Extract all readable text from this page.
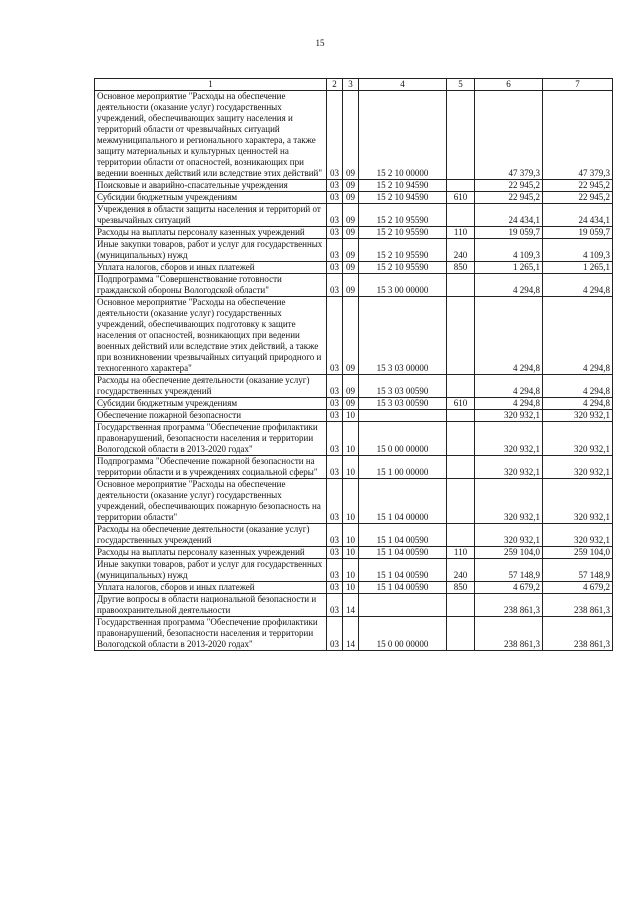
15
1	2	3	4	5	6	7
Основное мероприятие "Расходы на обеспечение деятельности (оказание услуг) государственных учреждений, обеспечивающих защиту населения и территорий области от чрезвычайных ситуаций межмуниципального и регионального характера, а также защиту материальных и культурных ценностей на территории области от опасностей, возникающих при ведении военных действий или вследствие этих действий"	03	09	15 2 10 00000		47 379,3	47 379,3
Поисковые и аварийно-спасательные учреждения	03	09	15 2 10 94590		22 945,2	22 945,2
Субсидии бюджетным учреждениям	03	09	15 2 10 94590	610	22 945,2	22 945,2
Учреждения в области защиты населения и территорий от чрезвычайных ситуаций	03	09	15 2 10 95590		24 434,1	24 434,1
Расходы на выплаты персоналу казенных учреждений	03	09	15 2 10 95590	110	19 059,7	19 059,7
Иные закупки товаров, работ и услуг для государственных (муниципальных) нужд	03	09	15 2 10 95590	240	4 109,3	4 109,3
Уплата налогов, сборов и иных платежей	03	09	15 2 10 95590	850	1 265,1	1 265,1
Подпрограмма "Совершенствование готовности гражданской обороны Вологодской области"	03	09	15 3 00 00000		4 294,8	4 294,8
Основное мероприятие "Расходы на обеспечение деятельности (оказание услуг) государственных учреждений, обеспечивающих подготовку к защите населения от опасностей, возникающих при ведении военных действий или вследствие этих действий, а также при возникновении чрезвычайных ситуаций природного и техногенного характера"	03	09	15 3 03 00000		4 294,8	4 294,8
Расходы на обеспечение деятельности (оказание услуг) государственных учреждений	03	09	15 3 03 00590		4 294,8	4 294,8
Субсидии бюджетным учреждениям	03	09	15 3 03 00590	610	4 294,8	4 294,8
Обеспечение пожарной безопасности	03	10			320 932,1	320 932,1
Государственная программа "Обеспечение профилактики правонарушений, безопасности населения и территории Вологодской области в 2013-2020 годах"	03	10	15 0 00 00000		320 932,1	320 932,1
Подпрограмма "Обеспечение пожарной безопасности на территории области и в учреждениях социальной сферы"	03	10	15 1 00 00000		320 932,1	320 932,1
Основное мероприятие "Расходы на обеспечение деятельности (оказание услуг) государственных учреждений, обеспечивающих пожарную безопасность на территории области"	03	10	15 1 04 00000		320 932,1	320 932,1
Расходы на обеспечение деятельности (оказание услуг) государственных учреждений	03	10	15 1 04 00590		320 932,1	320 932,1
Расходы на выплаты персоналу казенных учреждений	03	10	15 1 04 00590	110	259 104,0	259 104,0
Иные закупки товаров, работ и услуг для государственных (муниципальных) нужд	03	10	15 1 04 00590	240	57 148,9	57 148,9
Уплата налогов, сборов и иных платежей	03	10	15 1 04 00590	850	4 679,2	4 679,2
Другие вопросы в области национальной безопасности и правоохранительной деятельности	03	14			238 861,3	238 861,3
Государственная программа "Обеспечение профилактики правонарушений, безопасности населения и территории Вологодской области в 2013-2020 годах"	03	14	15 0 00 00000		238 861,3	238 861,3
